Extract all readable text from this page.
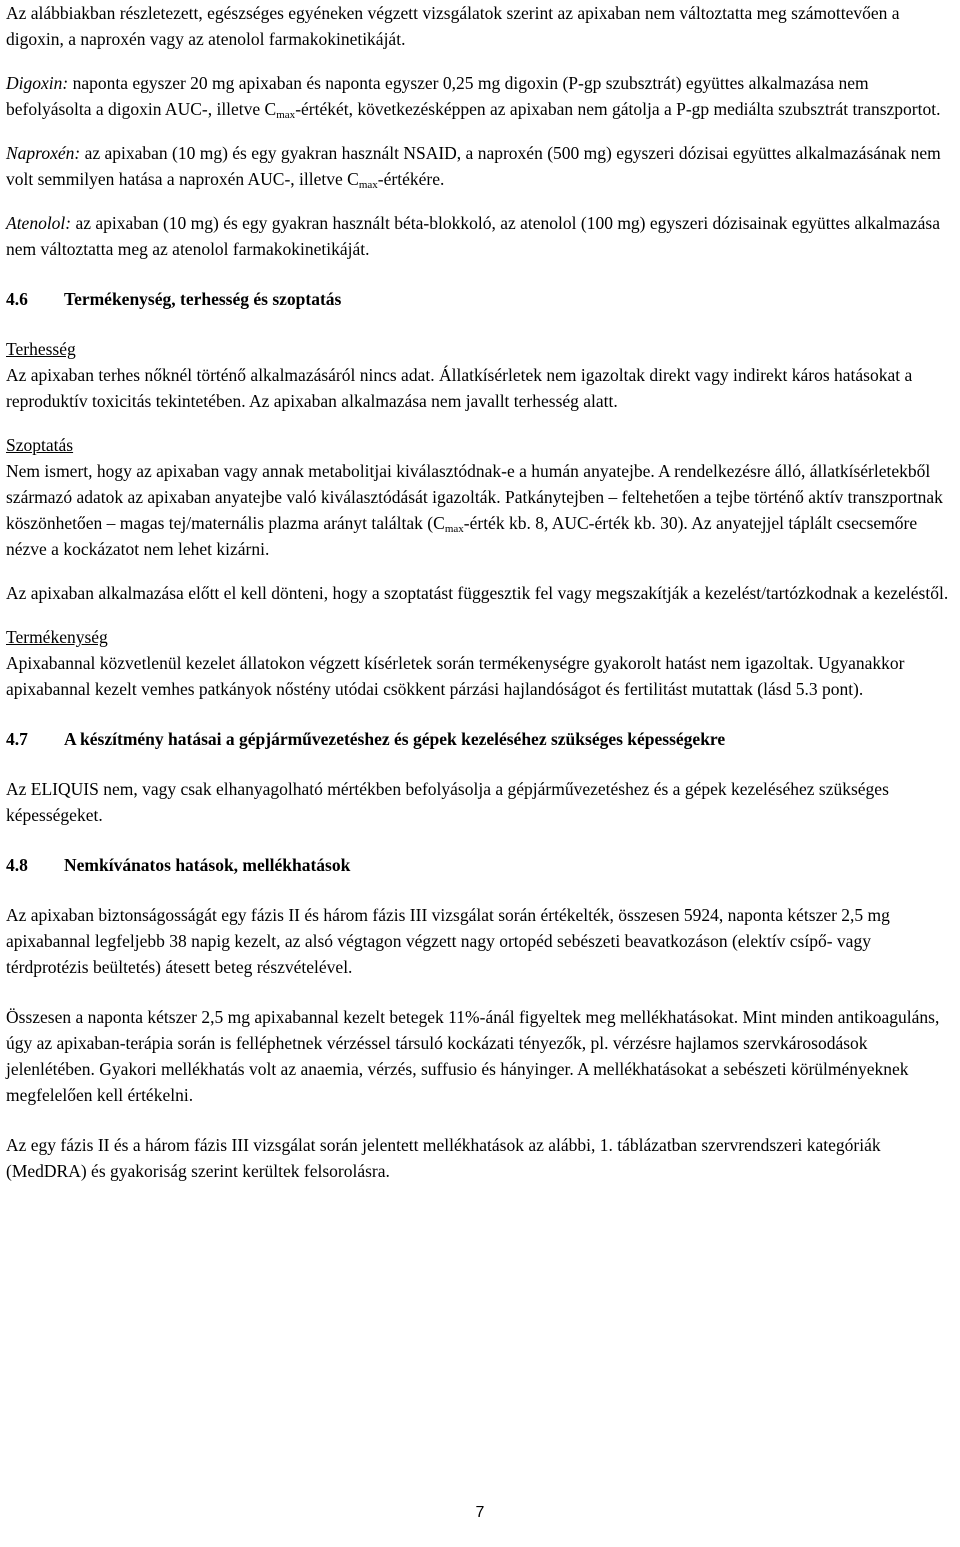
Az alábbiakban részletezett, egészséges egyéneken végzett vizsgálatok szerint az apixaban nem változtatta meg számottevően a digoxin, a naproxén vagy az atenolol farmakokinetikáját.

Digoxin: naponta egyszer 20 mg apixaban és naponta egyszer 0,25 mg digoxin (P-gp szubsztrát) együttes alkalmazása nem befolyásolta a digoxin AUC-, illetve $C_{max}$-értékét, következésképpen az apixaban nem gátolja a P-gp mediálta szubsztrát transzportot.

Naproxén: az apixaban (10 mg) és egy gyakran használt NSAID, a naproxén (500 mg) egyszeri dózisai együttes alkalmazásának nem volt semmilyen hatása a naproxén AUC-, illetve $C_{max}$-értékére.

Atenolol: az apixaban (10 mg) és egy gyakran használt béta-blokkoló, az atenolol (100 mg) egyszeri dózisainak együttes alkalmazása nem változtatta meg az atenolol farmakokinetikáját.

4.6	Termékenység, terhesség és szoptatás

Terhesség

Az apixaban terhes nőknél történő alkalmazásáról nincs adat. Állatkísérletek nem igazoltak direkt vagy indirekt káros hatásokat a reproduktív toxicitás tekintetében. Az apixaban alkalmazása nem javallt terhesség alatt.

Szoptatás

Nem ismert, hogy az apixaban vagy annak metabolitjai kiválasztódnak-e a humán anyatejbe. A rendelkezésre álló, állatkísérletekből származó adatok az apixaban anyatejbe való kiválasztódását igazolták. Patkánytejben – feltehetően a tejbe történő aktív transzportnak köszönhetően – magas tej/maternális plazma arányt találtak ($C_{max}$-érték kb. 8, AUC-érték kb. 30). Az anyatejjel táplált csecsemőre nézve a kockázatot nem lehet kizárni.

Az apixaban alkalmazása előtt el kell dönteni, hogy a szoptatást függesztik fel vagy megszakítják a kezelést/tartózkodnak a kezeléstől.

Termékenység

Apixabannal közvetlenül kezelet állatokon végzett kísérletek során termékenységre gyakorolt hatást nem igazoltak. Ugyanakkor apixabannal kezelt vemhes patkányok nőstény utódai csökkent párzási hajlandóságot és fertilitást mutattak (lásd 5.3 pont).

4.7	A készítmény hatásai a gépjárművezetéshez és gépek kezeléséhez szükséges képességekre

Az ELIQUIS nem, vagy csak elhanyagolható mértékben befolyásolja a gépjárművezetéshez és a gépek kezeléséhez szükséges képességeket.

4.8	Nemkívánatos hatások, mellékhatások

Az apixaban biztonságosságát egy fázis II és három fázis III vizsgálat során értékelték, összesen 5924, naponta kétszer 2,5 mg apixabannal legfeljebb 38 napig kezelt, az alsó végtagon végzett nagy ortopéd sebészeti beavatkozáson (elektív csípő- vagy térdprotézis beültetés) átesett beteg részvételével.

Összesen a naponta kétszer 2,5 mg apixabannal kezelt betegek 11%-ánál figyeltek meg mellékhatásokat. Mint minden antikoaguláns, úgy az apixaban-terápia során is felléphetnek vérzéssel társuló kockázati tényezők, pl. vérzésre hajlamos szervkárosodások jelenlétében. Gyakori mellékhatás volt az anaemia, vérzés, suffusio és hányinger. A mellékhatásokat a sebészeti körülményeknek megfelelően kell értékelni.

Az egy fázis II és a három fázis III vizsgálat során jelentett mellékhatások az alábbi, 1. táblázatban szervrendszeri kategóriák (MedDRA) és gyakoriság szerint kerültek felsorolásra.

7
